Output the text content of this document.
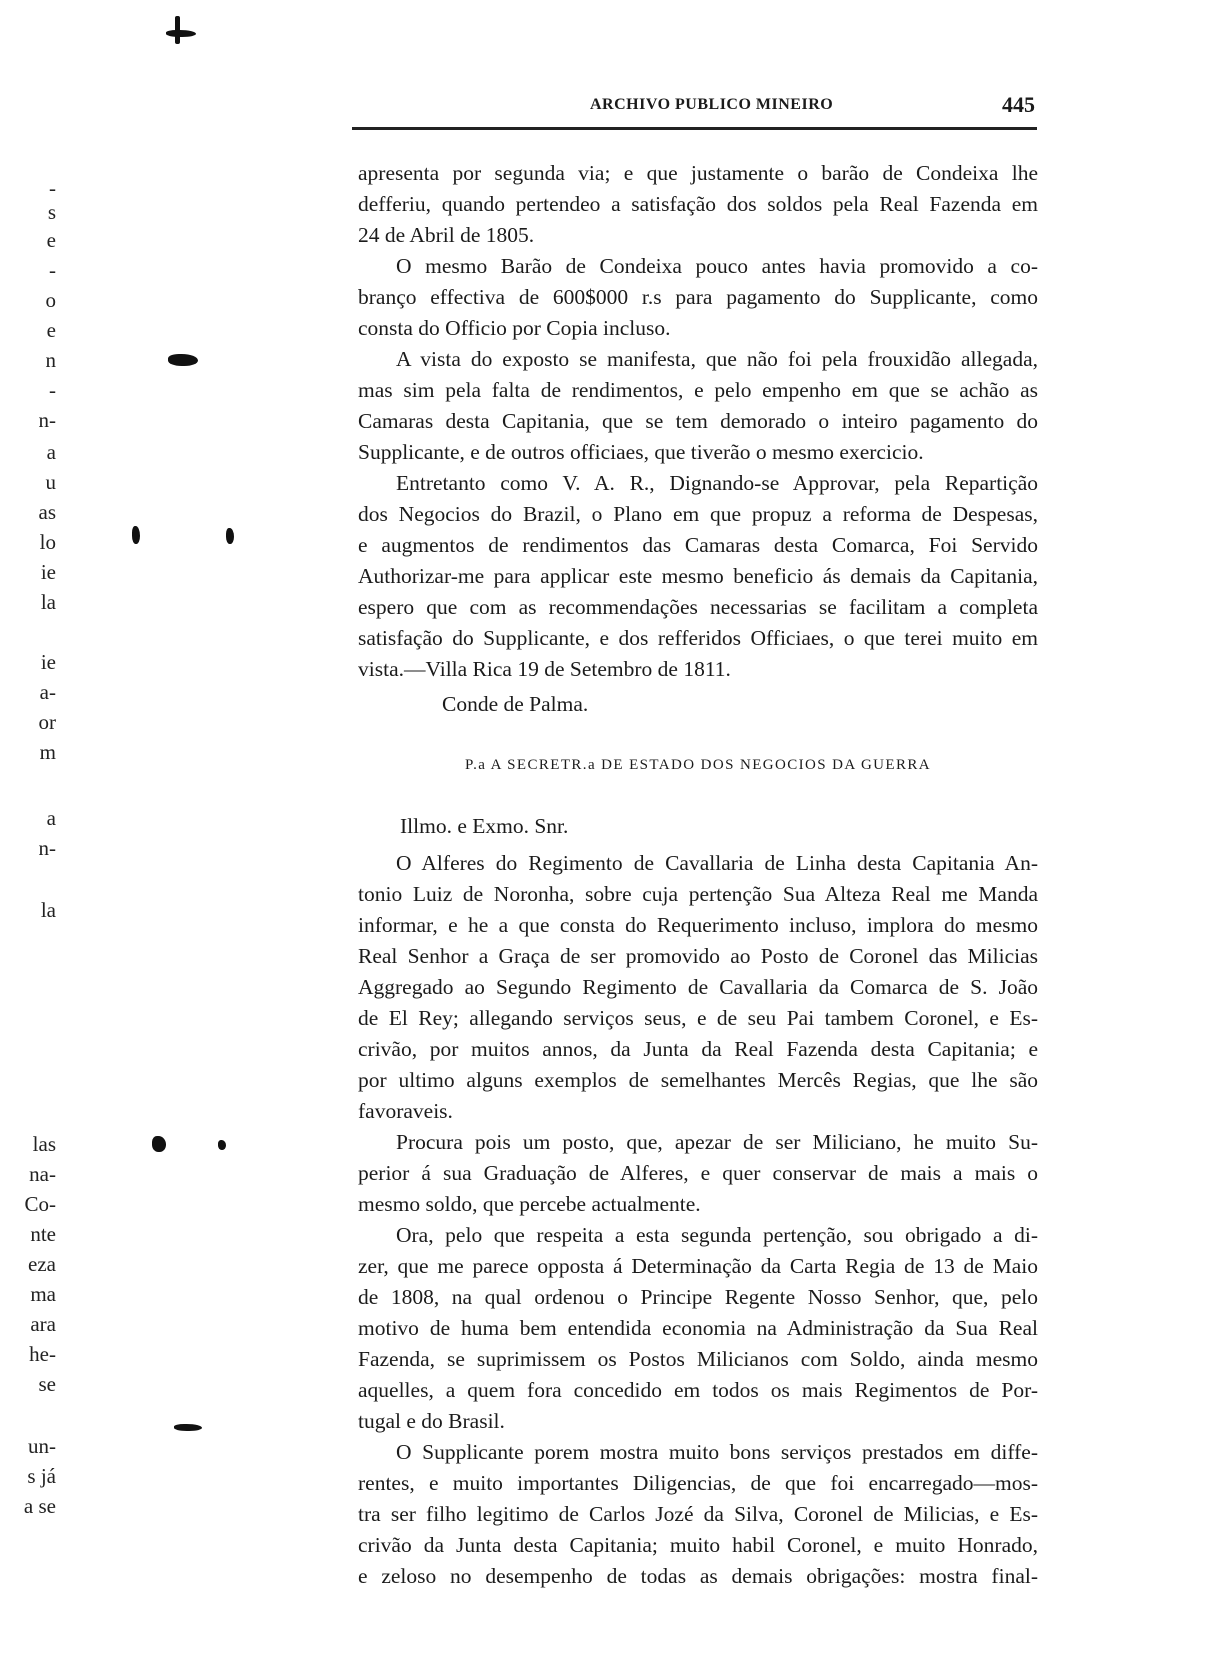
-
s
e
-
o
e
n
-
n-
a
u
as
lo
ie
la
ie
a-
or
m
a
n-
la
las
na-
Co-
nte
eza
ma
ara
he-
se
un-
s já
a se
ARCHIVO PUBLICO MINEIRO	445

apresenta por segunda via; e que justamente o barão de Condeixa lhe
defferiu, quando pertendeo a satisfação dos soldos pela Real Fazenda em
24 de Abril de 1805.

O mesmo Barão de Condeixa pouco antes havia promovido a co-
branço effectiva de 600$000 r.s para pagamento do Supplicante, como
consta do Officio por Copia incluso.

A vista do exposto se manifesta, que não foi pela frouxidão allegada,
mas sim pela falta de rendimentos, e pelo empenho em que se achão as
Camaras desta Capitania, que se tem demorado o inteiro pagamento do
Supplicante, e de outros officiaes, que tiverão o mesmo exercicio.

Entretanto como V. A. R., Dignando-se Approvar, pela Repartição
dos Negocios do Brazil, o Plano em que propuz a reforma de Despesas,
e augmentos de rendimentos das Camaras desta Comarca, Foi Servido
Authorizar-me para applicar este mesmo beneficio ás demais da Capitania,
espero que com as recommendações necessarias se facilitam a completa
satisfação do Supplicante, e dos refferidos Officiaes, o que terei muito em
vista.—Villa Rica 19 de Setembro de 1811.

Conde de Palma.
P.a A SECRETR.a DE ESTADO DOS NEGOCIOS DA GUERRA
Illmo. e Exmo. Snr.

O Alferes do Regimento de Cavallaria de Linha desta Capitania An-
tonio Luiz de Noronha, sobre cuja pertenção Sua Alteza Real me Manda
informar, e he a que consta do Requerimento incluso, implora do mesmo
Real Senhor a Graça de ser promovido ao Posto de Coronel das Milicias
Aggregado ao Segundo Regimento de Cavallaria da Comarca de S. João
de El Rey; allegando serviços seus, e de seu Pai tambem Coronel, e Es-
crivão, por muitos annos, da Junta da Real Fazenda desta Capitania; e
por ultimo alguns exemplos de semelhantes Mercês Regias, que lhe são
favoraveis.

Procura pois um posto, que, apezar de ser Miliciano, he muito Su-
perior á sua Graduação de Alferes, e quer conservar de mais a mais o
mesmo soldo, que percebe actualmente.

Ora, pelo que respeita a esta segunda pertenção, sou obrigado a di-
zer, que me parece opposta á Determinação da Carta Regia de 13 de Maio
de 1808, na qual ordenou o Principe Regente Nosso Senhor, que, pelo
motivo de huma bem entendida economia na Administração da Sua Real
Fazenda, se suprimissem os Postos Milicianos com Soldo, ainda mesmo
aquelles, a quem fora concedido em todos os mais Regimentos de Por-
tugal e do Brasil.

O Supplicante porem mostra muito bons serviços prestados em diffe-
rentes, e muito importantes Diligencias, de que foi encarregado—mos-
tra ser filho legitimo de Carlos Jozé da Silva, Coronel de Milicias, e Es-
crivão da Junta desta Capitania; muito habil Coronel, e muito Honrado,
e zeloso no desempenho de todas as demais obrigações: mostra final-
